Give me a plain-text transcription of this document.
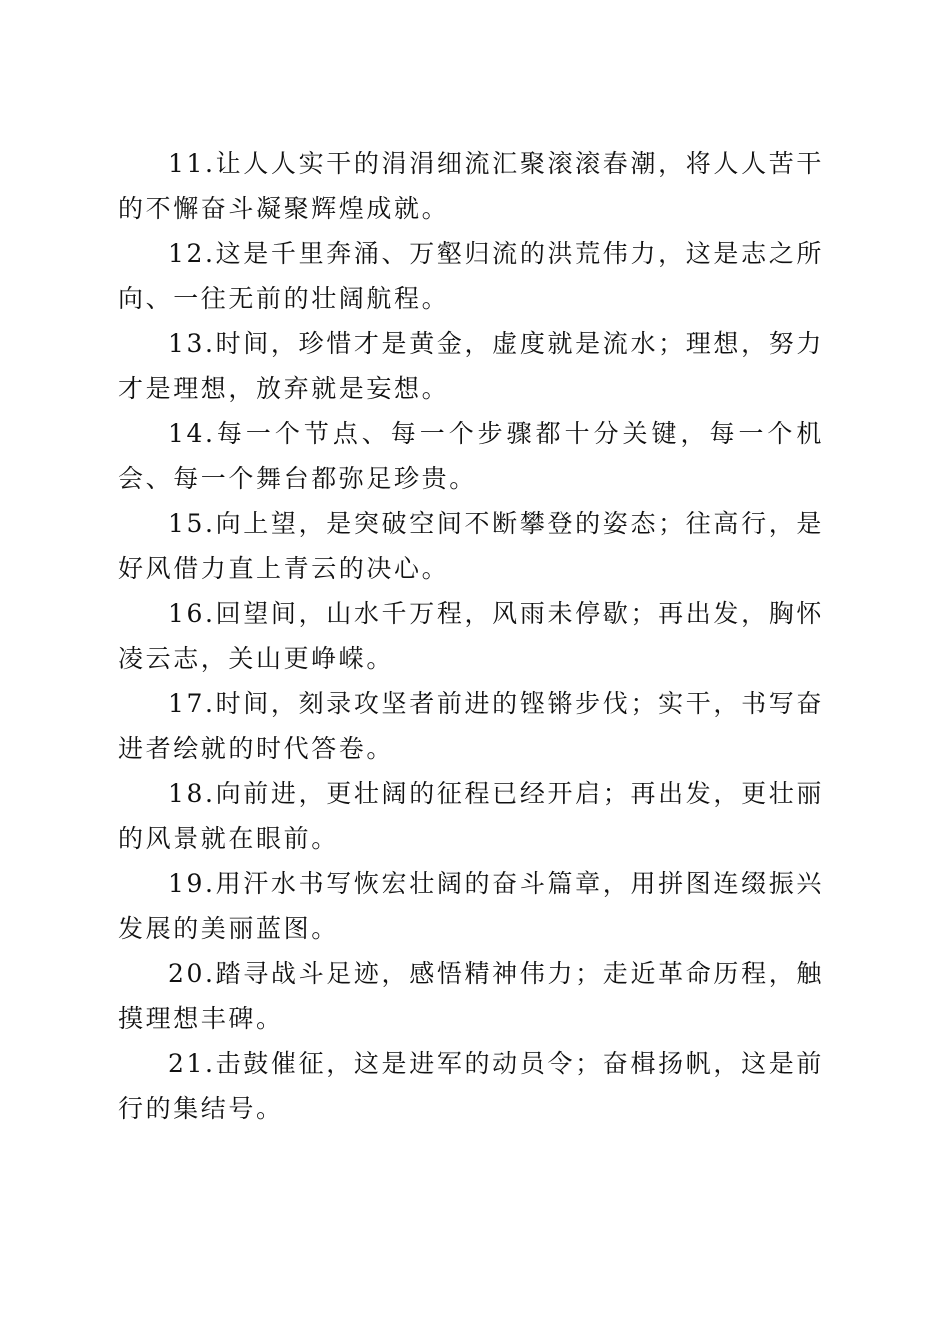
11.让人人实干的涓涓细流汇聚滚滚春潮，将人人苦干的不懈奋斗凝聚辉煌成就。

12.这是千里奔涌、万壑归流的洪荒伟力，这是志之所向、一往无前的壮阔航程。

13.时间，珍惜才是黄金，虚度就是流水；理想，努力才是理想，放弃就是妄想。

14.每一个节点、每一个步骤都十分关键，每一个机会、每一个舞台都弥足珍贵。

15.向上望，是突破空间不断攀登的姿态；往高行，是好风借力直上青云的决心。

16.回望间，山水千万程，风雨未停歇；再出发，胸怀凌云志，关山更峥嵘。

17.时间，刻录攻坚者前进的铿锵步伐；实干，书写奋进者绘就的时代答卷。

18.向前进，更壮阔的征程已经开启；再出发，更壮丽的风景就在眼前。

19.用汗水书写恢宏壮阔的奋斗篇章，用拼图连缀振兴发展的美丽蓝图。

20.踏寻战斗足迹，感悟精神伟力；走近革命历程，触摸理想丰碑。

21.击鼓催征，这是进军的动员令；奋楫扬帆，这是前行的集结号。
